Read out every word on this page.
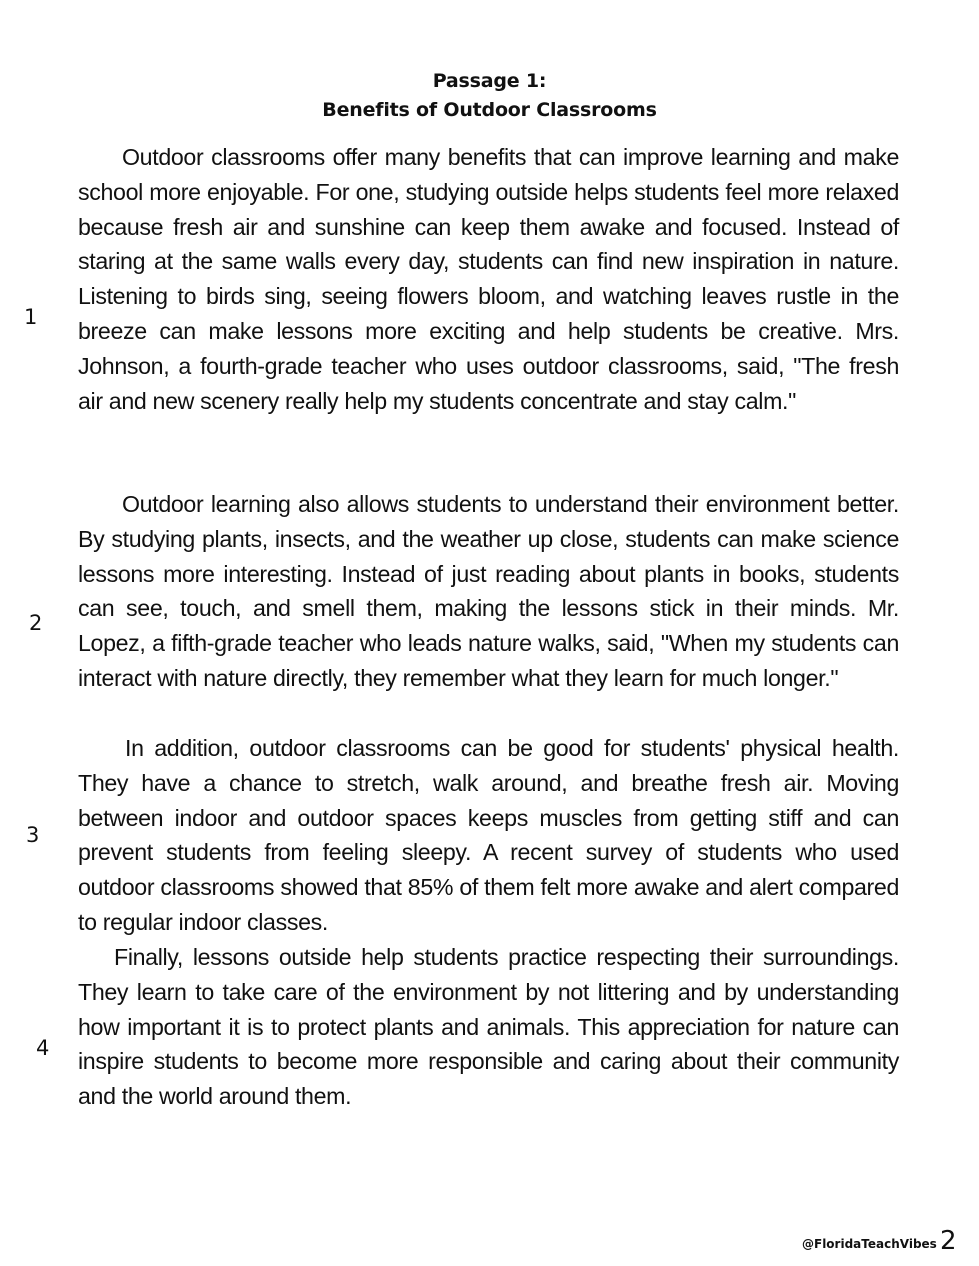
Passage 1:
Benefits of Outdoor Classrooms
1

Outdoor classrooms offer many benefits that can improve learning and make school more enjoyable. For one, studying outside helps students feel more relaxed because fresh air and sunshine can keep them awake and focused. Instead of staring at the same walls every day, students can find new inspiration in nature. Listening to birds sing, seeing flowers bloom, and watching leaves rustle in the breeze can make lessons more exciting and help students be creative. Mrs. Johnson, a fourth-grade teacher who uses outdoor classrooms, said, "The fresh air and new scenery really help my students concentrate and stay calm."

2

Outdoor learning also allows students to understand their environment better. By studying plants, insects, and the weather up close, students can make science lessons more interesting. Instead of just reading about plants in books, students can see, touch, and smell them, making the lessons stick in their minds. Mr. Lopez, a fifth-grade teacher who leads nature walks, said, "When my students can interact with nature directly, they remember what they learn for much longer."

3

In addition, outdoor classrooms can be good for students' physical health. They have a chance to stretch, walk around, and breathe fresh air. Moving between indoor and outdoor spaces keeps muscles from getting stiff and can prevent students from feeling sleepy. A recent survey of students who used outdoor classrooms showed that 85% of them felt more awake and alert compared to regular indoor classes.

4

Finally, lessons outside help students practice respecting their surroundings. They learn to take care of the environment by not littering and by understanding how important it is to protect plants and animals. This appreciation for nature can inspire students to become more responsible and caring about their community and the world around them.

@FloridaTeachVibes 2
